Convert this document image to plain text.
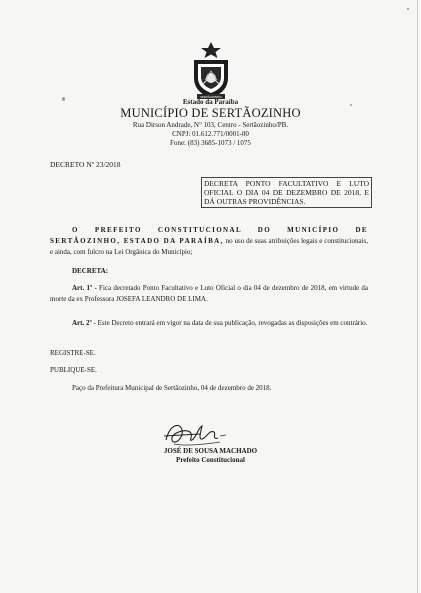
SERTÃOZINHO
Estado da Paraíba
MUNICÍPIO DE SERTÃOZINHO
Rua Dirson Andrade, N° 103, Centro - Sertãozinho/PB.
CNPJ: 01.612.771/0001-00
Fone: (83) 3685-1073 / 1075
DECRETO Nº 23/2018
DECRETA PONTO FACULTATIVO E LUTO OFICIAL O DIA 04 DE DEZEMBRO DE 2018, E DÁ OUTRAS PROVIDÊNCIAS.
O PREFEITO CONSTITUCIONAL DO MUNICÍPIO DE SERTÃOZINHO, ESTADO DA PARAÍBA, no uso de suas atribuições legais e constitucionais, e ainda, com fulcro na Lei Orgânica do Município;
DECRETA:
Art. 1º - Fica decretado Ponto Facultativo e Luto Oficial o dia 04 de dezembro de 2018, em virtude da morte da ex Professora JOSEFA LEANDRO DE LIMA.
Art. 2º - Este Decreto entrará em vigor na data de sua publicação, revogadas as disposições em contrário.
REGISTRE-SE.
PUBLIQUE-SE.
Paço da Prefeitura Municipal de Sertãozinho, 04 de dezembro de 2018.
JOSÉ DE SOUSA MACHADO
Prefeito Constitucional
